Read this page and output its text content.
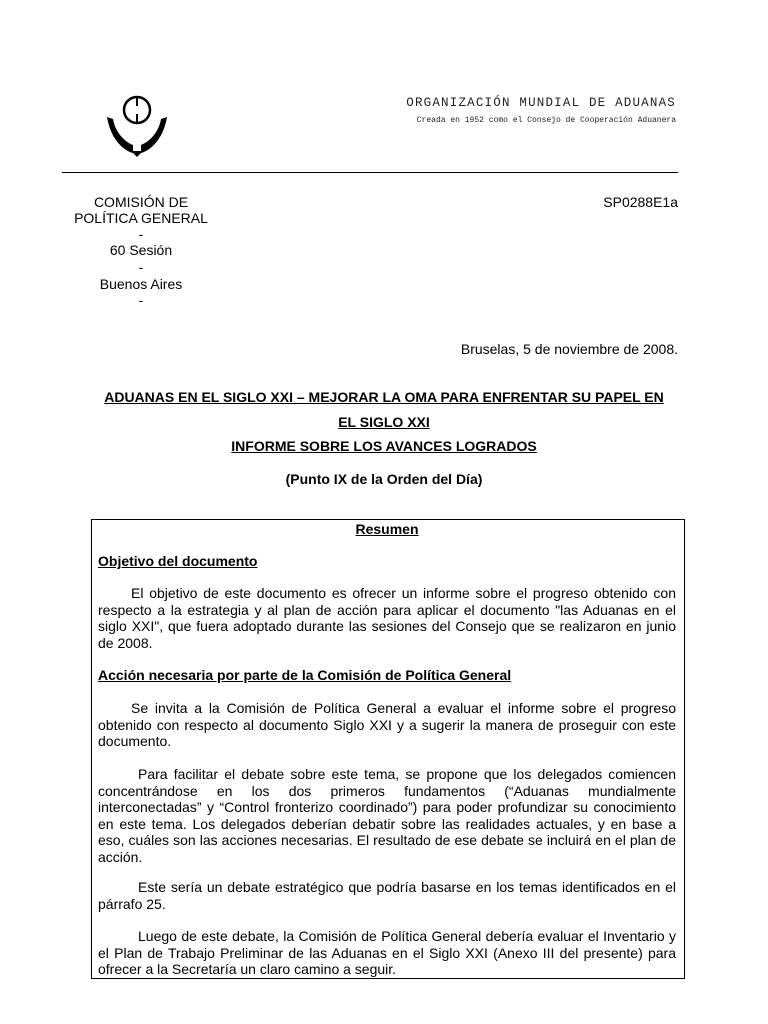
ORGANIZACIÓN MUNDIAL DE ADUANAS
Creada en 1952 como el Consejo de Cooperación Aduanera
COMISIÓN DE
POLÍTICA GENERAL
-
60 Sesión
-
Buenos Aires
-
SP0288E1a
Bruselas, 5 de noviembre de 2008.
ADUANAS EN EL SIGLO XXI – MEJORAR LA OMA PARA ENFRENTAR SU PAPEL EN
EL SIGLO XXI
INFORME SOBRE LOS AVANCES LOGRADOS
(Punto IX de la Orden del Día)
Resumen
Objetivo del documento
El objetivo de este documento es ofrecer un informe sobre el progreso obtenido con respecto a la estrategia y al plan de acción para aplicar el documento "las Aduanas en el siglo XXI", que fuera adoptado durante las sesiones del Consejo que se realizaron en junio de 2008.
Acción necesaria por parte de la Comisión de Política General
Se invita a la Comisión de Política General a evaluar el informe sobre el progreso obtenido con respecto al documento Siglo XXI y a sugerir la manera de proseguir con este documento.
Para facilitar el debate sobre este tema, se propone que los delegados comiencen concentrándose en los dos primeros fundamentos (“Aduanas mundialmente interconectadas” y “Control fronterizo coordinado”) para poder profundizar su conocimiento en este tema. Los delegados deberían debatir sobre las realidades actuales, y en base a eso, cuáles son las acciones necesarias. El resultado de ese debate se incluirá en el plan de acción.
Este sería un debate estratégico que podría basarse en los temas identificados en el párrafo 25.
Luego de este debate, la Comisión de Política General debería evaluar el Inventario y el Plan de Trabajo Preliminar de las Aduanas en el Siglo XXI (Anexo III del presente) para ofrecer a la Secretaría un claro camino a seguir.
